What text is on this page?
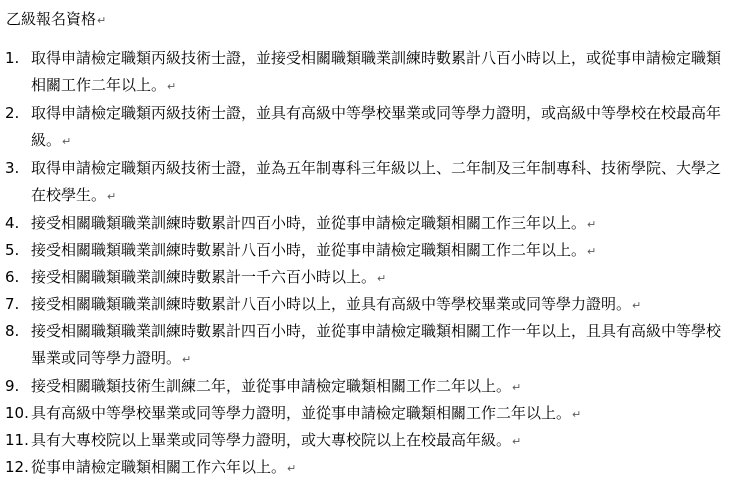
乙級報名資格↵
1. 取得申請檢定職類丙級技術士證，並接受相關職類職業訓練時數累計八百小時以上，或從事申請檢定職類相關工作二年以上。↵
2. 取得申請檢定職類丙級技術士證，並具有高級中等學校畢業或同等學力證明，或高級中等學校在校最高年級。↵
3. 取得申請檢定職類丙級技術士證，並為五年制專科三年級以上、二年制及三年制專科、技術學院、大學之在校學生。↵
4. 接受相關職類職業訓練時數累計四百小時，並從事申請檢定職類相關工作三年以上。↵
5. 接受相關職類職業訓練時數累計八百小時，並從事申請檢定職類相關工作二年以上。↵
6. 接受相關職類職業訓練時數累計一千六百小時以上。↵
7. 接受相關職類職業訓練時數累計八百小時以上，並具有高級中等學校畢業或同等學力證明。↵
8. 接受相關職類職業訓練時數累計四百小時，並從事申請檢定職類相關工作一年以上，且具有高級中等學校畢業或同等學力證明。↵
9. 接受相關職類技術生訓練二年，並從事申請檢定職類相關工作二年以上。↵
10. 具有高級中等學校畢業或同等學力證明，並從事申請檢定職類相關工作二年以上。↵
11. 具有大專校院以上畢業或同等學力證明，或大專校院以上在校最高年級。↵
12. 從事申請檢定職類相關工作六年以上。↵
